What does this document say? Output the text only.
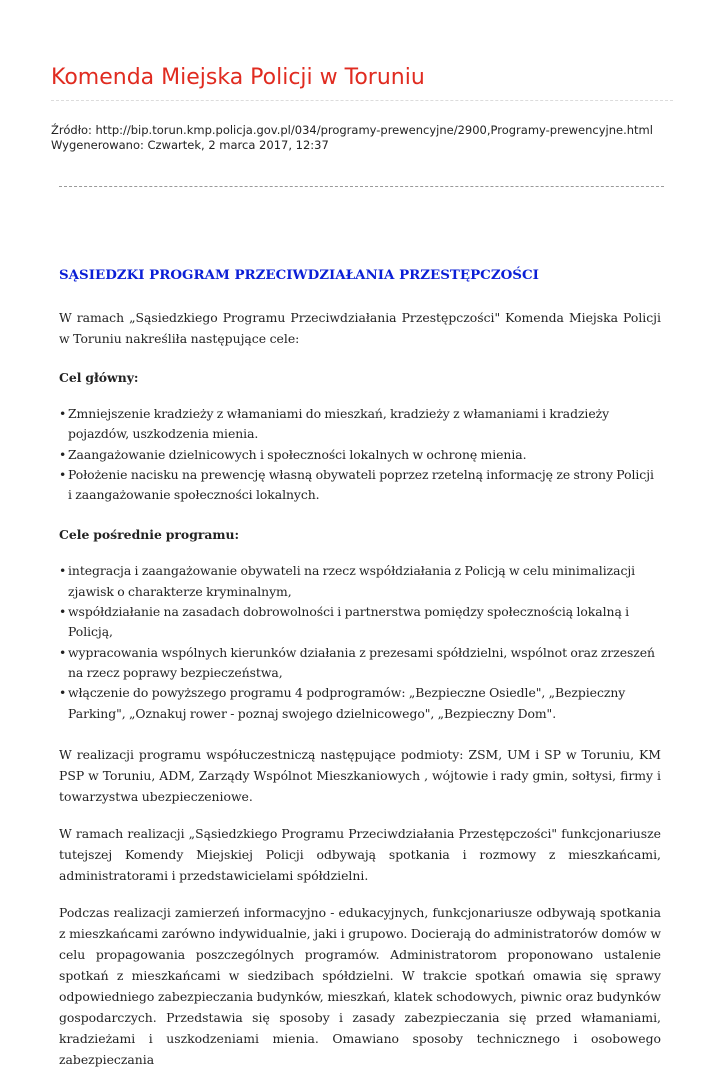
Komenda Miejska Policji w Toruniu
Źródło: http://bip.torun.kmp.policja.gov.pl/034/programy-prewencyjne/2900,Programy-prewencyjne.html
Wygenerowano: Czwartek, 2 marca 2017, 12:37
SĄSIEDZKI PROGRAM PRZECIWDZIAŁANIA PRZESTĘPCZOŚCI

W ramach „Sąsiedzkiego Programu Przeciwdziałania Przestępczości" Komenda Miejska Policji w Toruniu nakreśliła następujące cele:

Cel główny:

• Zmniejszenie kradzieży z włamaniami do mieszkań, kradzieży z włamaniami i kradzieży pojazdów, uszkodzenia mienia.
• Zaangażowanie dzielnicowych i społeczności lokalnych w ochronę mienia.
• Położenie nacisku na prewencję własną obywateli poprzez rzetelną informację ze strony Policji i zaangażowanie społeczności lokalnych.

Cele pośrednie programu:

• integracja i zaangażowanie obywateli na rzecz współdziałania z Policją w celu minimalizacji zjawisk o charakterze kryminalnym,
• współdziałanie na zasadach dobrowolności i partnerstwa pomiędzy społecznością lokalną i Policją,
• wypracowania wspólnych kierunków działania z prezesami spółdzielni, wspólnot oraz zrzeszeń na rzecz poprawy bezpieczeństwa,
• włączenie do powyższego programu 4 podprogramów: „Bezpieczne Osiedle", „Bezpieczny Parking", „Oznakuj rower - poznaj swojego dzielnicowego", „Bezpieczny Dom".

W realizacji programu współuczestniczą następujące podmioty: ZSM, UM i SP w Toruniu, KM PSP w Toruniu, ADM, Zarządy Wspólnot Mieszkaniowych , wójtowie i rady gmin, sołtysi, firmy i towarzystwa ubezpieczeniowe.

W ramach realizacji „Sąsiedzkiego Programu Przeciwdziałania Przestępczości" funkcjonariusze tutejszej Komendy Miejskiej Policji odbywają spotkania i rozmowy z mieszkańcami, administratorami i przedstawicielami spółdzielni.

Podczas realizacji zamierzeń informacyjno - edukacyjnych, funkcjonariusze odbywają spotkania z mieszkańcami zarówno indywidualnie, jaki i grupowo. Docierają do administratorów domów w celu propagowania poszczególnych programów. Administratorom proponowano ustalenie spotkań z mieszkańcami w siedzibach spółdzielni. W trakcie spotkań omawia się sprawy odpowiedniego zabezpieczania budynków, mieszkań, klatek schodowych, piwnic oraz budynków gospodarczych. Przedstawia się sposoby i zasady zabezpieczania się przed włamaniami, kradzieżami i uszkodzeniami mienia. Omawiano sposoby technicznego i osobowego zabezpieczania
